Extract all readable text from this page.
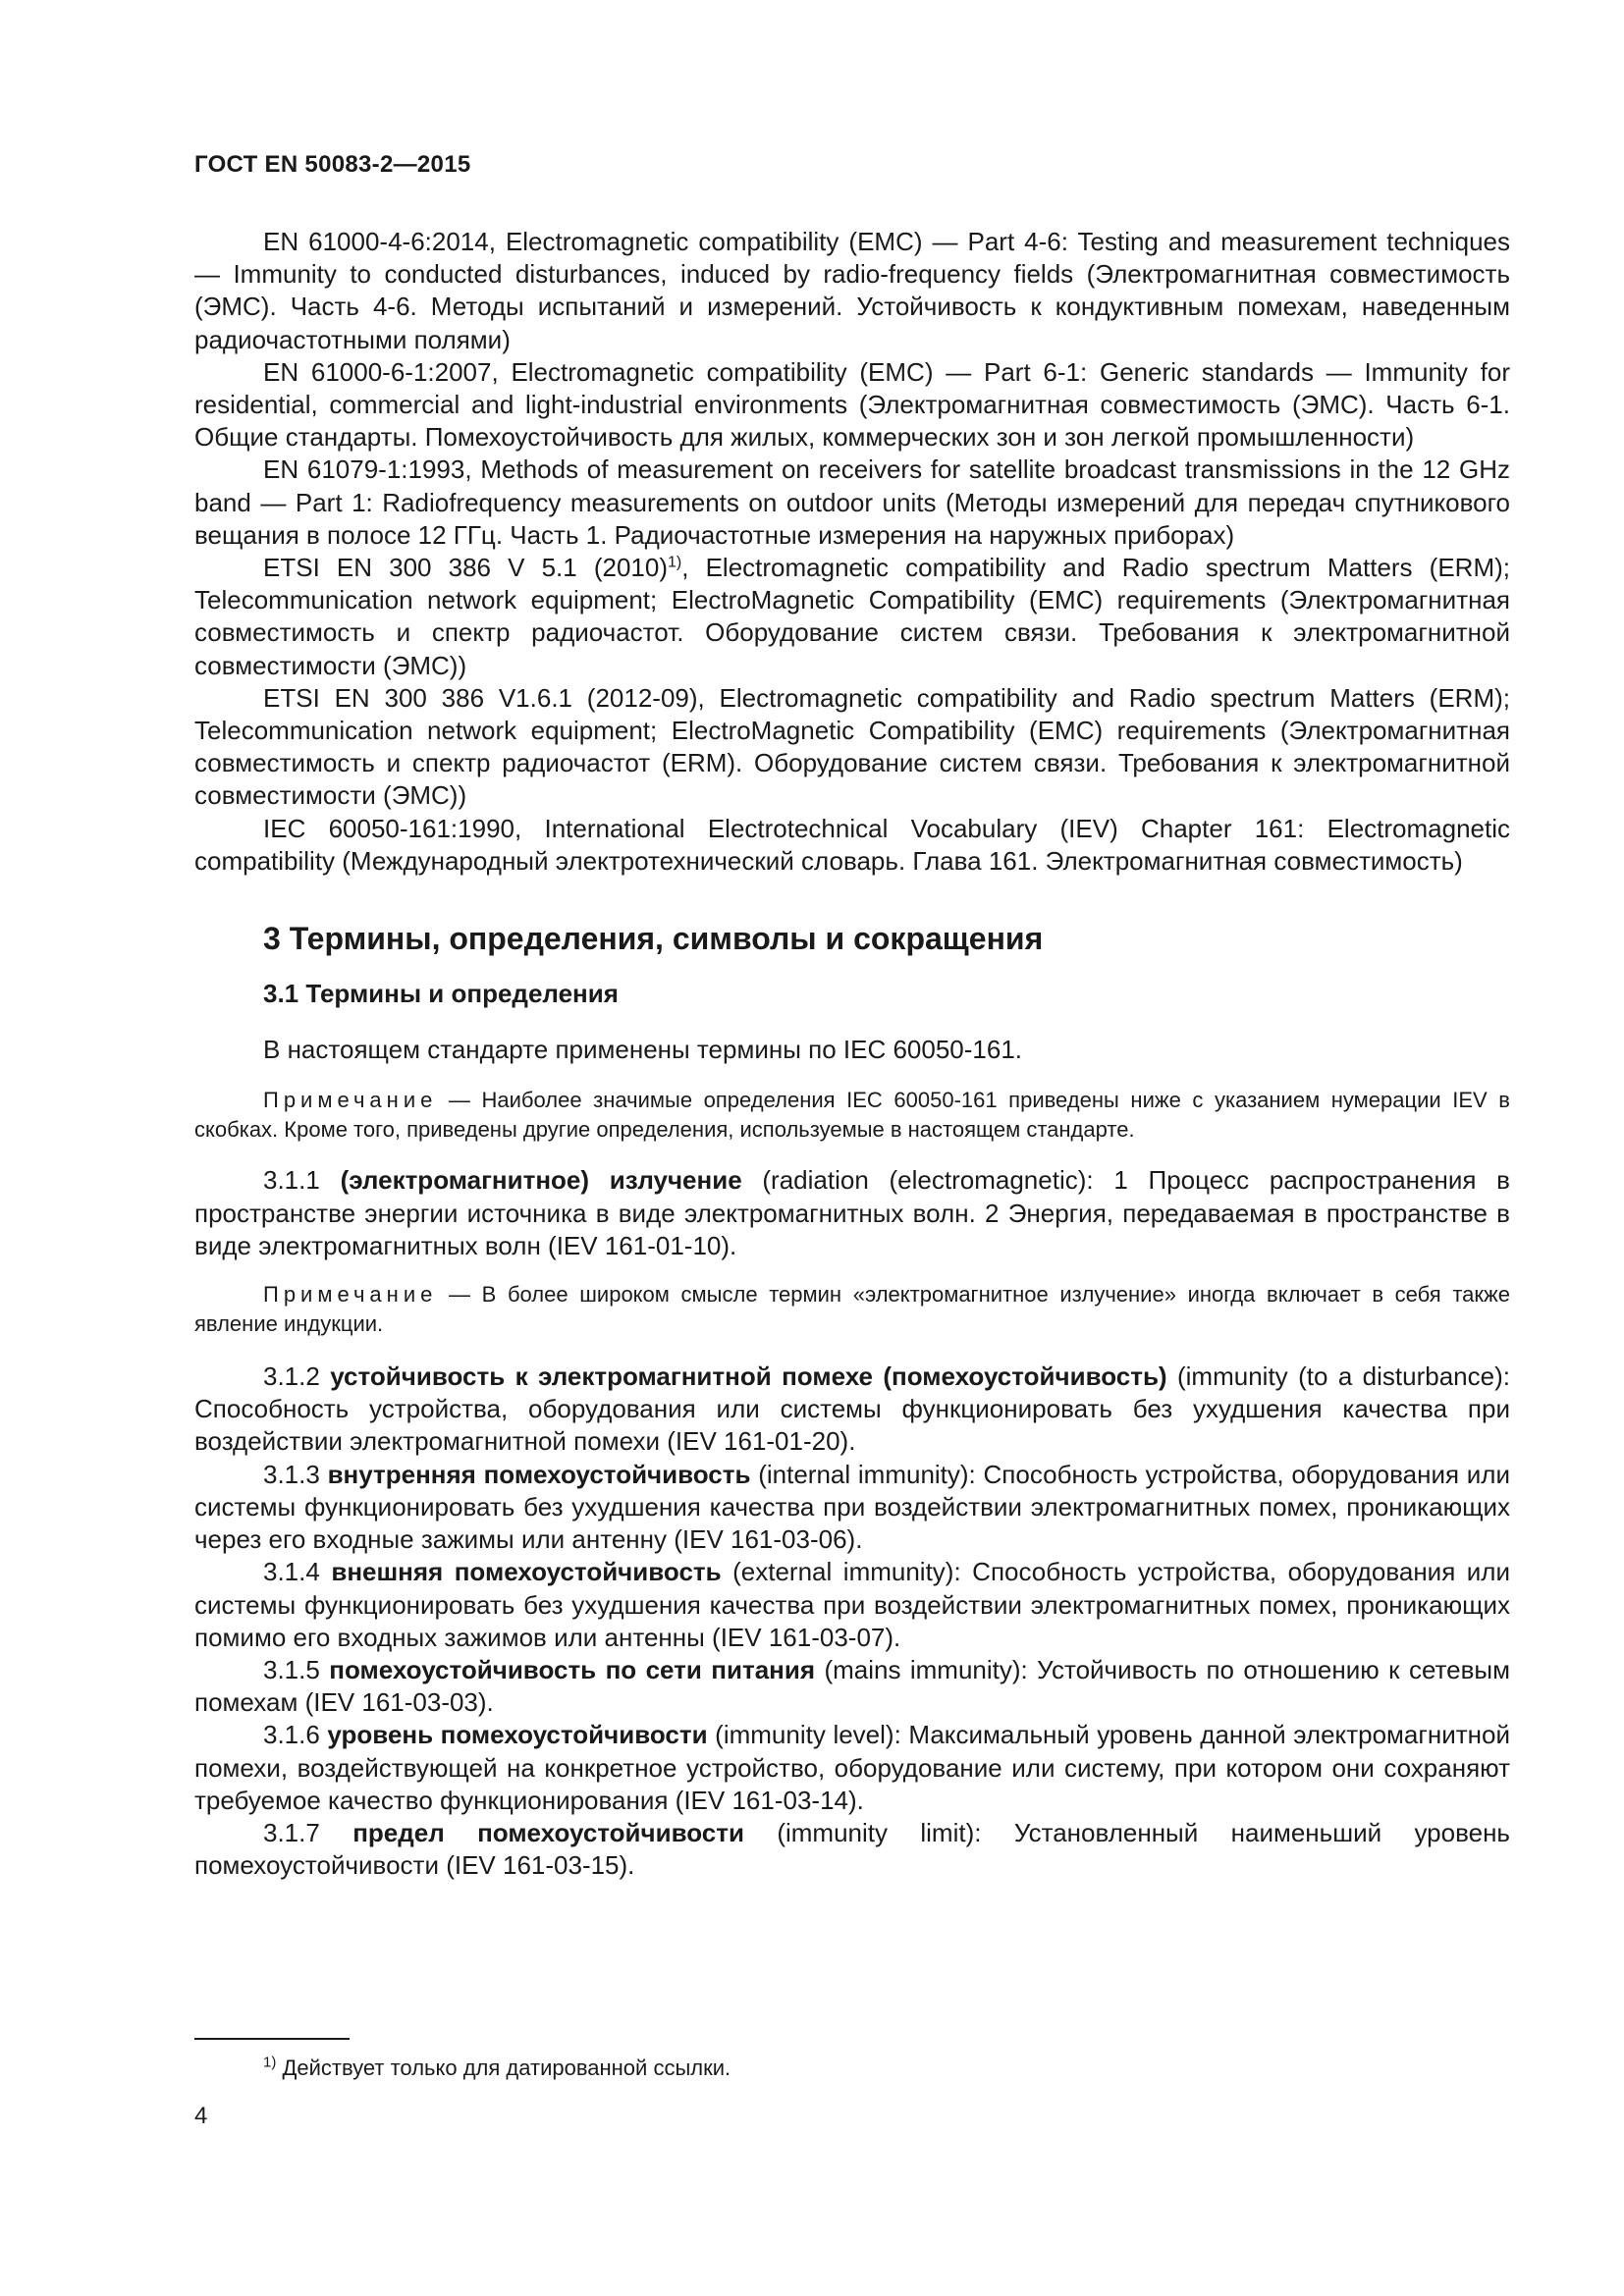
ГОСТ EN 50083-2—2015

EN 61000-4-6:2014, Electromagnetic compatibility (EMC) — Part 4-6: Testing and measurement techniques — Immunity to conducted disturbances, induced by radio-frequency fields (Электромагнитная совместимость (ЭМС). Часть 4-6. Методы испытаний и измерений. Устойчивость к кондуктивным помехам, наведенным радиочастотными полями)

EN 61000-6-1:2007, Electromagnetic compatibility (EMC) — Part 6-1: Generic standards — Immunity for residential, commercial and light-industrial environments (Электромагнитная совместимость (ЭМС). Часть 6-1. Общие стандарты. Помехоустойчивость для жилых, коммерческих зон и зон легкой промышленности)

EN 61079-1:1993, Methods of measurement on receivers for satellite broadcast transmissions in the 12 GHz band — Part 1: Radiofrequency measurements on outdoor units (Методы измерений для передач спутникового вещания в полосе 12 ГГц. Часть 1. Радиочастотные измерения на наружных приборах)

ETSI EN 300 386 V 5.1 $(2010)^{1)}$, Electromagnetic compatibility and Radio spectrum Matters (ERM); Telecommunication network equipment; ElectroMagnetic Compatibility (EMC) requirements (Электромагнитная совместимость и спектр радиочастот. Оборудование систем связи. Требования к электромагнитной совместимости (ЭМС))

ETSI EN 300 386 V1.6.1 (2012-09), Electromagnetic compatibility and Radio spectrum Matters (ERM); Telecommunication network equipment; ElectroMagnetic Compatibility (EMC) requirements (Электромагнитная совместимость и спектр радиочастот (ERM). Оборудование систем связи. Требования к электромагнитной совместимости (ЭМС))

IEC 60050-161:1990, International Electrotechnical Vocabulary (IEV) Chapter 161: Electromagnetic compatibility (Международный электротехнический словарь. Глава 161. Электромагнитная совместимость)

3 Термины, определения, символы и сокращения
3.1 Термины и определения

В настоящем стандарте применены термины по IEC 60050-161.

Примечание — Наиболее значимые определения IEC 60050-161 приведены ниже с указанием нумерации IEV в скобках. Кроме того, приведены другие определения, используемые в настоящем стандарте.

3.1.1 (электромагнитное) излучение (radiation (electromagnetic): 1 Процесс распространения в пространстве энергии источника в виде электромагнитных волн. 2 Энергия, передаваемая в пространстве в виде электромагнитных волн (IEV 161-01-10).

Примечание — В более широком смысле термин «электромагнитное излучение» иногда включает в себя также явление индукции.

3.1.2 устойчивость к электромагнитной помехе (помехоустойчивость) (immunity (to a disturbance): Способность устройства, оборудования или системы функционировать без ухудшения качества при воздействии электромагнитной помехи (IEV 161-01-20).

3.1.3 внутренняя помехоустойчивость (internal immunity): Способность устройства, оборудования или системы функционировать без ухудшения качества при воздействии электромагнитных помех, проникающих через его входные зажимы или антенну (IEV 161-03-06).

3.1.4 внешняя помехоустойчивость (external immunity): Способность устройства, оборудования или системы функционировать без ухудшения качества при воздействии электромагнитных помех, проникающих помимо его входных зажимов или антенны (IEV 161-03-07).

3.1.5 помехоустойчивость по сети питания (mains immunity): Устойчивость по отношению к сетевым помехам (IEV 161-03-03).

3.1.6 уровень помехоустойчивости (immunity level): Максимальный уровень данной электромагнитной помехи, воздействующей на конкретное устройство, оборудование или систему, при котором они сохраняют требуемое качество функционирования (IEV 161-03-14).

3.1.7 предел помехоустойчивости (immunity limit): Установленный наименьший уровень помехоустойчивости (IEV 161-03-15).

$^{1)}$ Действует только для датированной ссылки.
4
